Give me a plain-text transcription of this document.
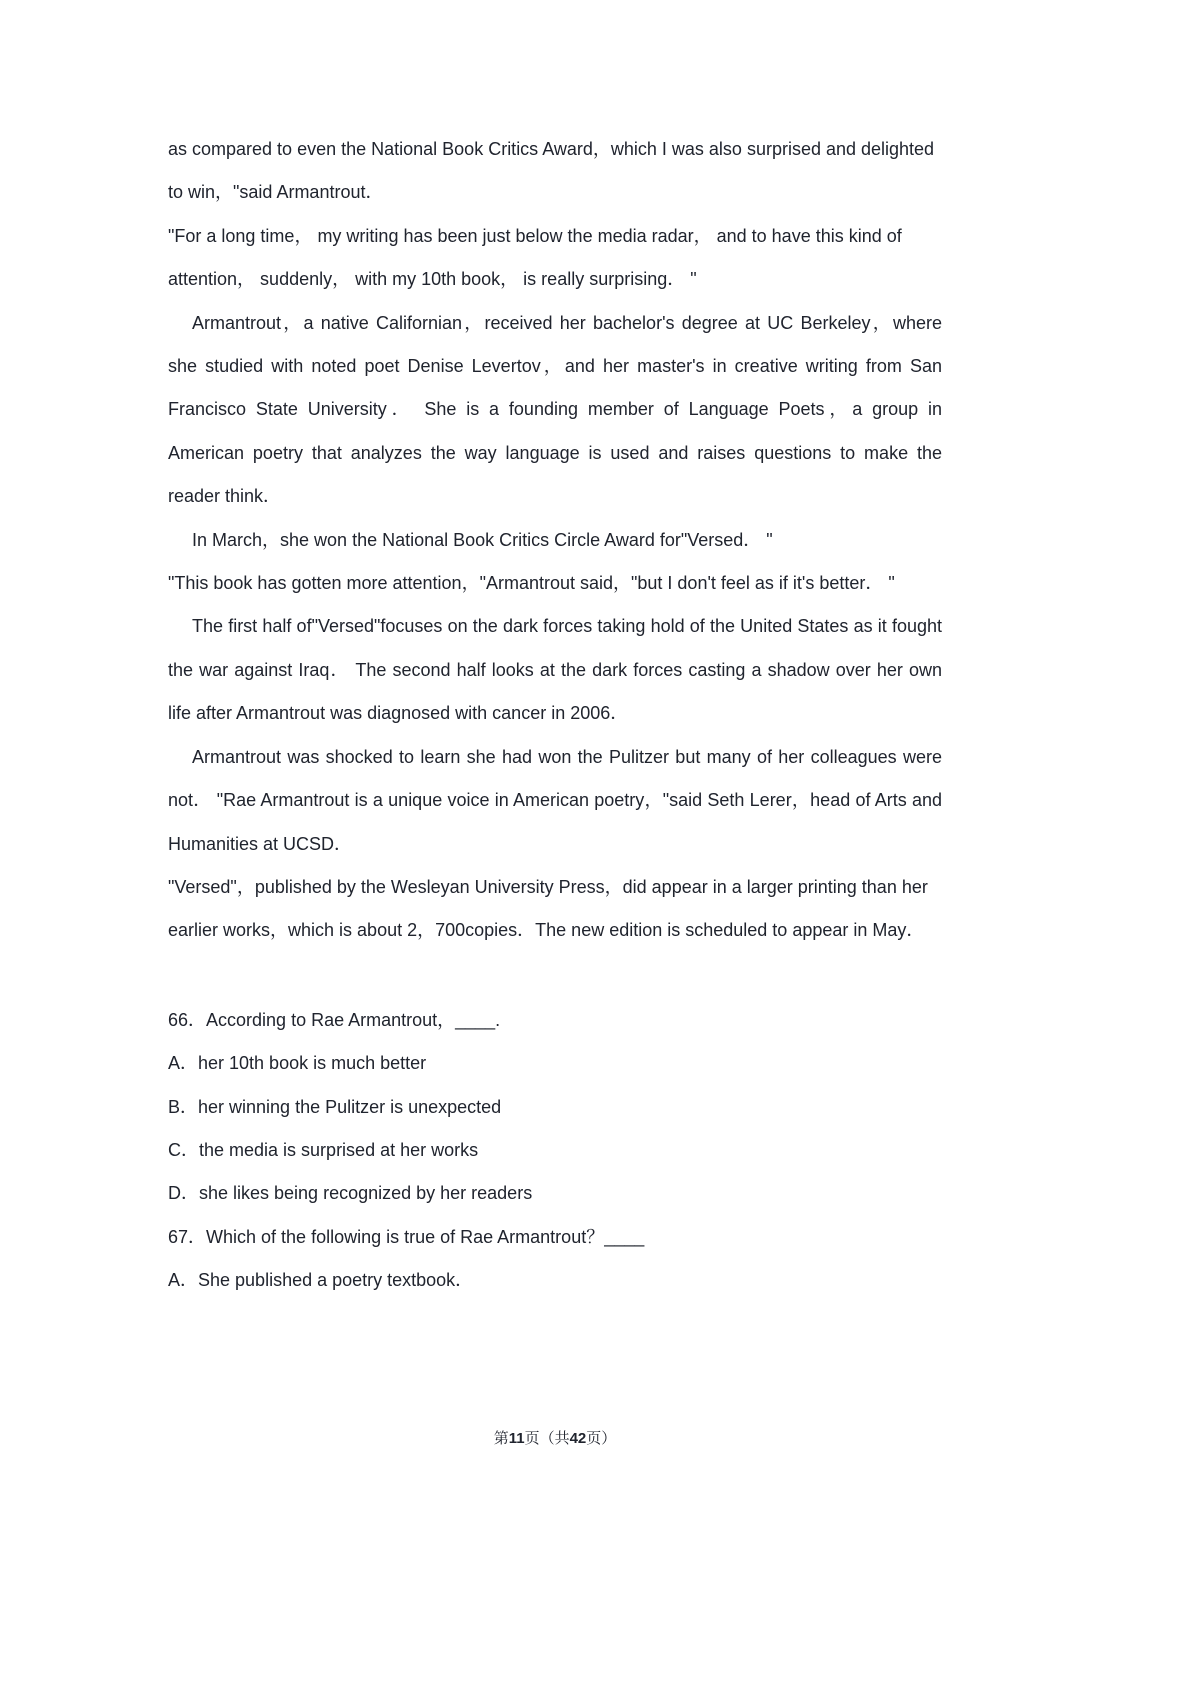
as compared to even the National Book Critics Award，which I was also surprised and delighted to win，"said Armantrout．

"For a long time， my writing has been just below the media radar， and to have this kind of attention， suddenly， with my 10th book， is really surprising． "

Armantrout，a native Californian，received her bachelor's degree at UC Berkeley，where she studied with noted poet Denise Levertov，and her master's in creative writing from San Francisco State University． She is a founding member of Language Poets，a group in American poetry that analyzes the way language is used and raises questions to make the reader think．

In March，she won the National Book Critics Circle Award for"Versed． "

"This book has gotten more attention，"Armantrout said，"but I don't feel as if it's better． "

The first half of"Versed"focuses on the dark forces taking hold of the United States as it fought the war against Iraq． The second half looks at the dark forces casting a shadow over her own life after Armantrout was diagnosed with cancer in 2006．

Armantrout was shocked to learn she had won the Pulitzer but many of her colleagues were not． "Rae Armantrout is a unique voice in American poetry，"said Seth Lerer，head of Arts and Humanities at UCSD．

"Versed"，published by the Wesleyan University Press，did appear in a larger printing than her earlier works，which is about 2，700copies．The new edition is scheduled to appear in May．

66．According to Rae Armantrout，____.

A．her 10th book is much better

B．her winning the Pulitzer is unexpected

C．the media is surprised at her works

D．she likes being recognized by her readers

67．Which of the following is true of Rae Armantrout？____

A．She published a poetry textbook．

第11页（共42页）
